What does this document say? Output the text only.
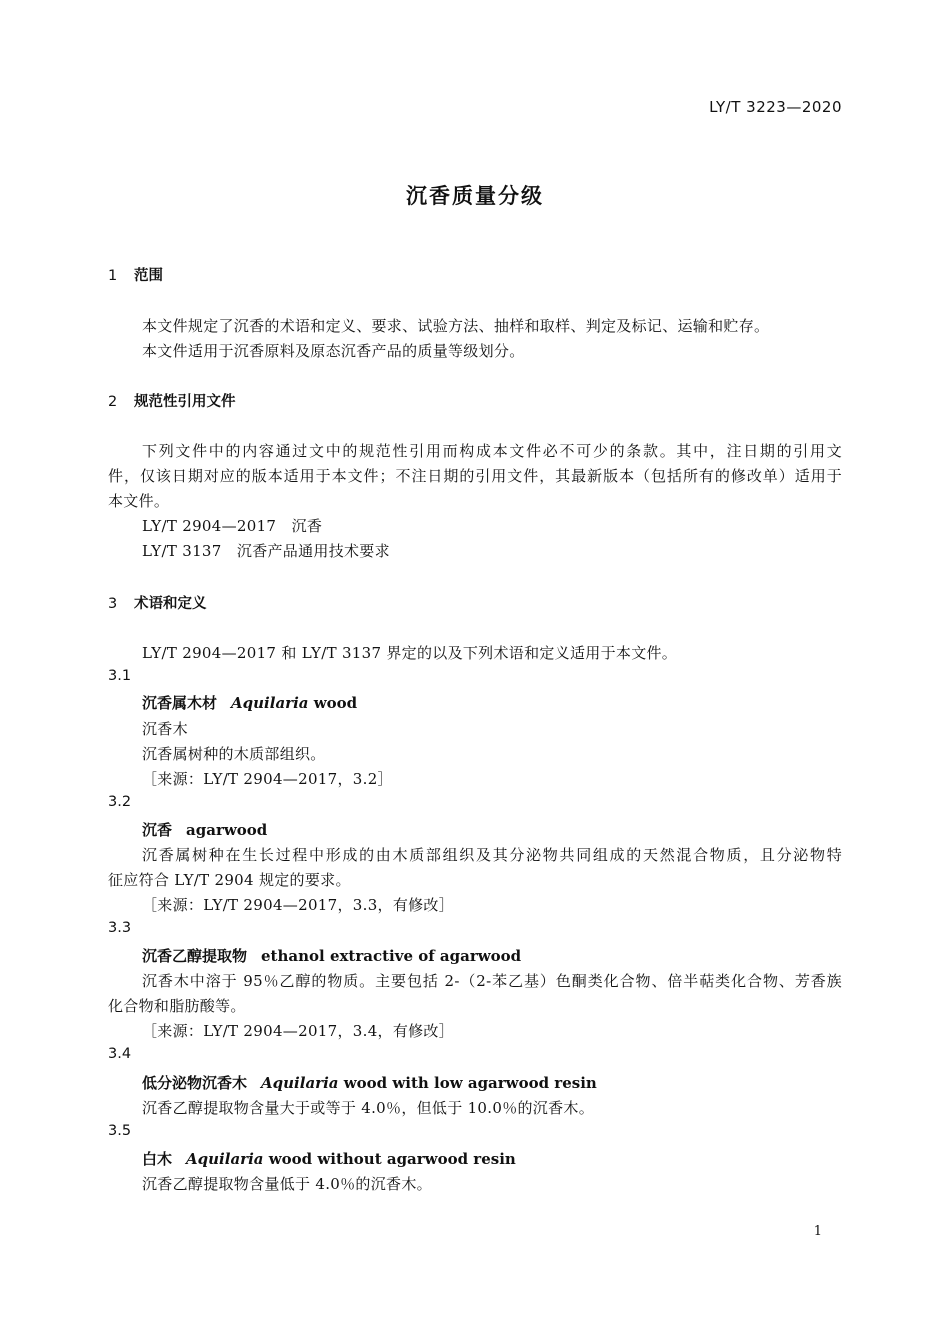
LY/T 3223—2020
沉香质量分级
1 范围
本文件规定了沉香的术语和定义、要求、试验方法、抽样和取样、判定及标记、运输和贮存。
本文件适用于沉香原料及原态沉香产品的质量等级划分。
2 规范性引用文件
下列文件中的内容通过文中的规范性引用而构成本文件必不可少的条款。其中，注日期的引用文
件，仅该日期对应的版本适用于本文件；不注日期的引用文件，其最新版本（包括所有的修改单）适用于
本文件。
LY/T 2904—2017　沉香
LY/T 3137　沉香产品通用技术要求
3 术语和定义
LY/T 2904—2017 和 LY/T 3137 界定的以及下列术语和定义适用于本文件。
3.1
沉香属木材 Aquilaria wood
沉香木
沉香属树种的木质部组织。
［来源：LY/T 2904—2017，3.2］
3.2
沉香 agarwood
沉香属树种在生长过程中形成的由木质部组织及其分泌物共同组成的天然混合物质，且分泌物特
征应符合 LY/T 2904 规定的要求。
［来源：LY/T 2904—2017，3.3，有修改］
3.3
沉香乙醇提取物 ethanol extractive of agarwood
沉香木中溶于 95％乙醇的物质。主要包括 2-（2-苯乙基）色酮类化合物、倍半萜类化合物、芳香族
化合物和脂肪酸等。
［来源：LY/T 2904—2017，3.4，有修改］
3.4
低分泌物沉香木 Aquilaria wood with low agarwood resin
沉香乙醇提取物含量大于或等于 4.0％，但低于 10.0％的沉香木。
3.5
白木 Aquilaria wood without agarwood resin
沉香乙醇提取物含量低于 4.0％的沉香木。
1
